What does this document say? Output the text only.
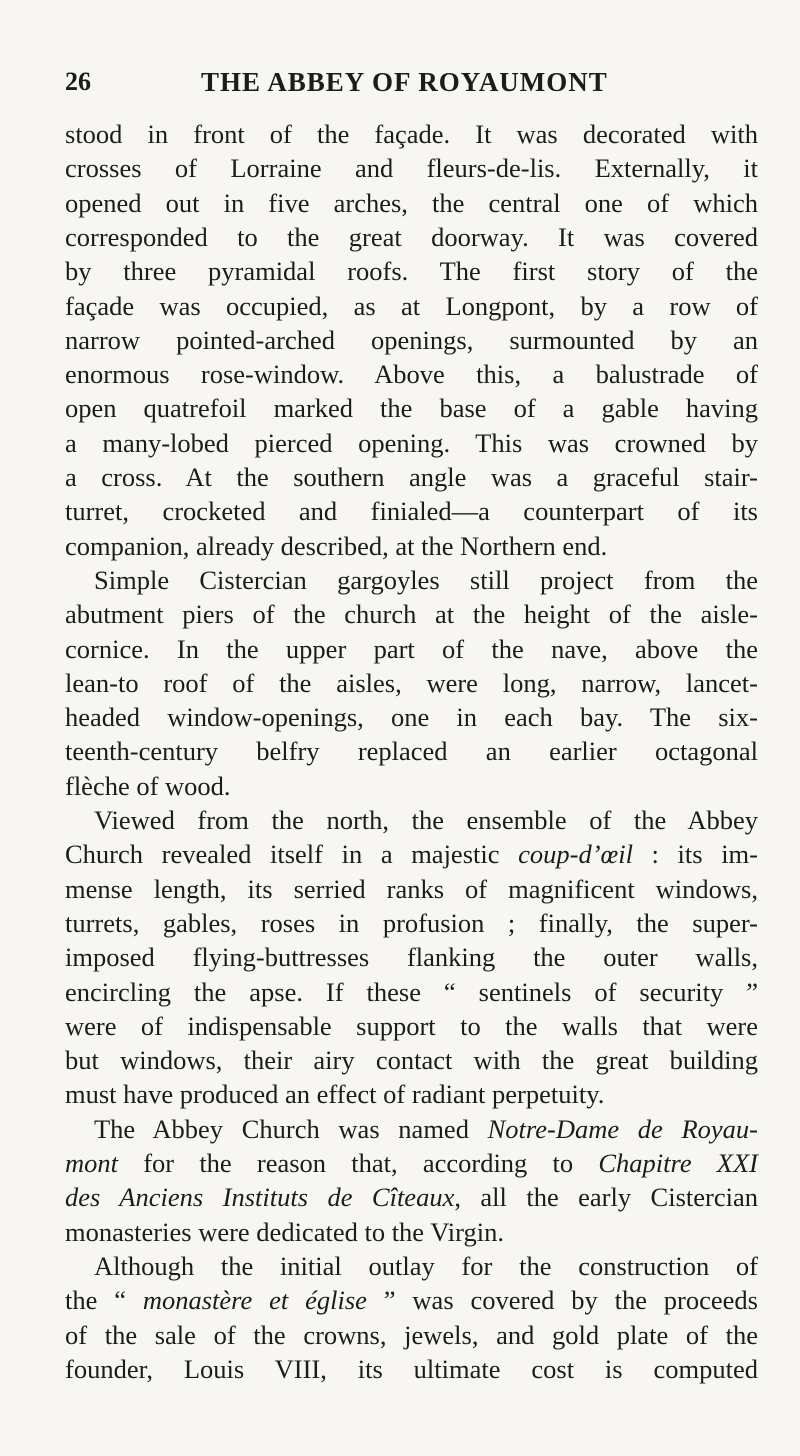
26	THE ABBEY OF ROYAUMONT
stood in front of the façade. It was decorated with
crosses of Lorraine and fleurs-de-lis. Externally, it
opened out in five arches, the central one of which
corresponded to the great doorway. It was covered
by three pyramidal roofs. The first story of the
façade was occupied, as at Longpont, by a row of
narrow pointed-arched openings, surmounted by an
enormous rose-window. Above this, a balustrade of
open quatrefoil marked the base of a gable having
a many-lobed pierced opening. This was crowned by
a cross. At the southern angle was a graceful stair-
turret, crocketed and finialed—a counterpart of its
companion, already described, at the Northern end.
Simple Cistercian gargoyles still project from the
abutment piers of the church at the height of the aisle-
cornice. In the upper part of the nave, above the
lean-to roof of the aisles, were long, narrow, lancet-
headed window-openings, one in each bay. The six-
teenth-century belfry replaced an earlier octagonal
flèche of wood.
Viewed from the north, the ensemble of the Abbey
Church revealed itself in a majestic coup-d’œil : its im-
mense length, its serried ranks of magnificent windows,
turrets, gables, roses in profusion ; finally, the super-
imposed flying-buttresses flanking the outer walls,
encircling the apse. If these “ sentinels of security ”
were of indispensable support to the walls that were
but windows, their airy contact with the great building
must have produced an effect of radiant perpetuity.
The Abbey Church was named Notre-Dame de Royau-
mont for the reason that, according to Chapitre XXI
des Anciens Instituts de Cîteaux, all the early Cistercian
monasteries were dedicated to the Virgin.
Although the initial outlay for the construction of
the “ monastère et église ” was covered by the proceeds
of the sale of the crowns, jewels, and gold plate of the
founder, Louis VIII, its ultimate cost is computed
